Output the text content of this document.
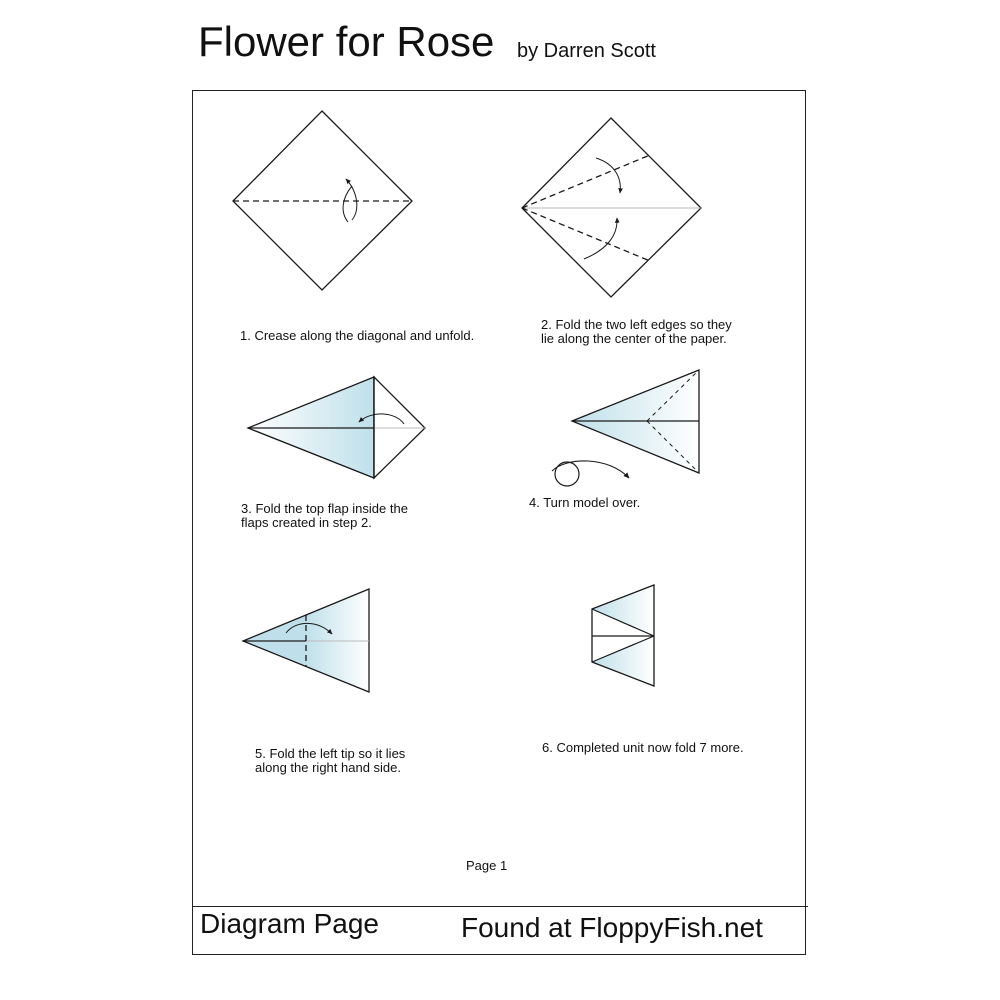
Flower for Rose by Darren Scott
1. Crease along the diagonal and unfold.
2. Fold the two left edges so they
lie along the center of the paper.
3. Fold the top flap inside the
flaps created in step 2.
4. Turn model over.
5. Fold the left tip so it lies
along the right hand side.
6. Completed unit now fold 7 more.
Page 1
Diagram Page	Found at FloppyFish.net
